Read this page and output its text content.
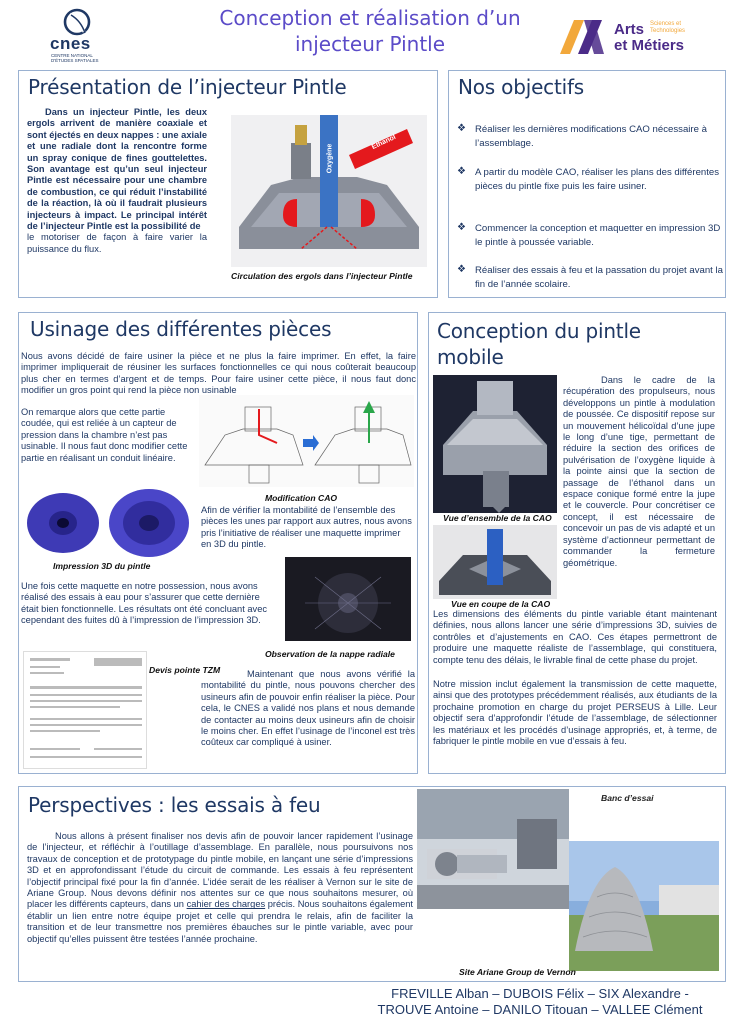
cnes
CENTRE NATIONAL
D'ÉTUDES SPATIALES
Conception et réalisation d’un
injecteur Pintle
Arts
et Métiers
Sciences et
Technologies
Présentation de l’injecteur Pintle
Dans un injecteur Pintle, les deux ergols arrivent de manière coaxiale et sont éjectés en deux nappes : une axiale et une radiale dont la rencontre forme un spray conique de fines gouttelettes. Son avantage est qu’un seul injecteur Pintle est nécessaire pour une chambre de combustion, ce qui réduit l’instabilité de la réaction, là où il faudrait plusieurs injecteurs à impact. Le principal intérêt de l’injecteur Pintle est la possibilité de
le motoriser de façon à faire varier la puissance du flux.
Oxygène
Ethanol
Circulation des ergols dans l’injecteur Pintle
Nos objectifs
❖ Réaliser les dernières modifications CAO nécessaire à l’assemblage.
❖ A partir du modèle CAO, réaliser les plans des différentes pièces du pintle fixe puis les faire usiner.
❖ Commencer la conception et maquetter en impression 3D le pintle à poussée variable.
❖ Réaliser des essais à feu et la passation du projet avant la fin de l’année scolaire.
Usinage des différentes pièces
Nous avons décidé de faire usiner la pièce et ne plus la faire imprimer. En effet, la faire imprimer impliquerait de réusiner les surfaces fonctionnelles ce qui nous coûterait beaucoup plus cher en termes d’argent et de temps. Pour faire usiner cette pièce, il nous faut donc modifier un gros point qui rend la pièce non usinable
On remarque alors que cette partie coudée, qui est reliée à un capteur de pression dans la chambre n’est pas usinable. Il nous faut donc modifier cette partie en réalisant un conduit linéaire.
Modification CAO
Afin de vérifier la montabilité de l’ensemble des pièces les unes par rapport aux autres, nous avons pris l’initiative de réaliser une maquette imprimer en 3D du pintle.
Impression 3D du pintle
Observation de la nappe radiale
Une fois cette maquette en notre possession, nous avons réalisé des essais à eau pour s’assurer que cette dernière était bien fonctionnelle. Les résultats ont été concluant avec cependant des fuites dû à l’impression de l’impression 3D.
Devis pointe TZM	Maintenant que nous avons vérifié la montabilité du pintle, nous pouvons chercher des usineurs afin de pouvoir enfin réaliser la pièce. Pour cela, le CNES a validé nos plans et nous demande de contacter au moins deux usineurs afin de choisir le moins cher. En effet l’usinage de l’inconel est très coûteux car compliqué à usiner.
Conception du pintle
mobile
Vue d’ensemble de la CAO
Vue en coupe de la CAO
Dans le cadre de la récupération des propulseurs, nous développons un pintle à modulation de poussée. Ce dispositif repose sur un mouvement hélicoïdal d’une jupe le long d’une tige, permettant de réduire la section des orifices de pulvérisation de l’oxygène liquide à la pointe ainsi que la section de passage de l’éthanol dans un espace conique formé entre la jupe et le couvercle. Pour concrétiser ce concept, il est nécessaire de concevoir un pas de vis adapté et un système d’actionneur permettant de commander la fermeture géométrique.
Les dimensions des éléments du pintle variable étant maintenant définies, nous allons lancer une série d’impressions 3D, suivies de contrôles et d’ajustements en CAO. Ces étapes permettront de produire une maquette réaliste de l’assemblage, qui constituera, compte tenu des délais, le livrable final de cette phase du projet.
Notre mission inclut également la transmission de cette maquette, ainsi que des prototypes précédemment réalisés, aux étudiants de la prochaine promotion en charge du projet PERSEUS à Lille. Leur objectif sera d’approfondir l’étude de l’assemblage, de sélectionner les matériaux et les procédés d’usinage appropriés, et, à terme, de fabriquer le pintle mobile en vue d’essais à feu.
Perspectives : les essais à feu
Nous allons à présent finaliser nos devis afin de pouvoir lancer rapidement l’usinage de l’injecteur, et réfléchir à l’outillage d’assemblage. En parallèle, nous poursuivons nos travaux de conception et de prototypage du pintle mobile, en lançant une série d’impressions 3D et en approfondissant l’étude du circuit de commande. Les essais à feu représentent l’objectif principal fixé pour la fin d’année. L’idée serait de les réaliser à Vernon sur le site de Ariane Group. Nous devons définir nos attentes sur ce que nous souhaitons mesurer, où placer les différents capteurs, dans un cahier des charges précis. Nous souhaitons également établir un lien entre notre équipe projet et celle qui prendra le relais, afin de faciliter la transition et de leur transmettre nos premières ébauches sur le pintle variable, avec pour objectif qu’elles puissent être testées l’année prochaine.
Banc d’essai
Site Ariane Group de Vernon
FREVILLE Alban – DUBOIS Félix – SIX Alexandre -
TROUVE Antoine – DANILO Titouan – VALLEE Clément
